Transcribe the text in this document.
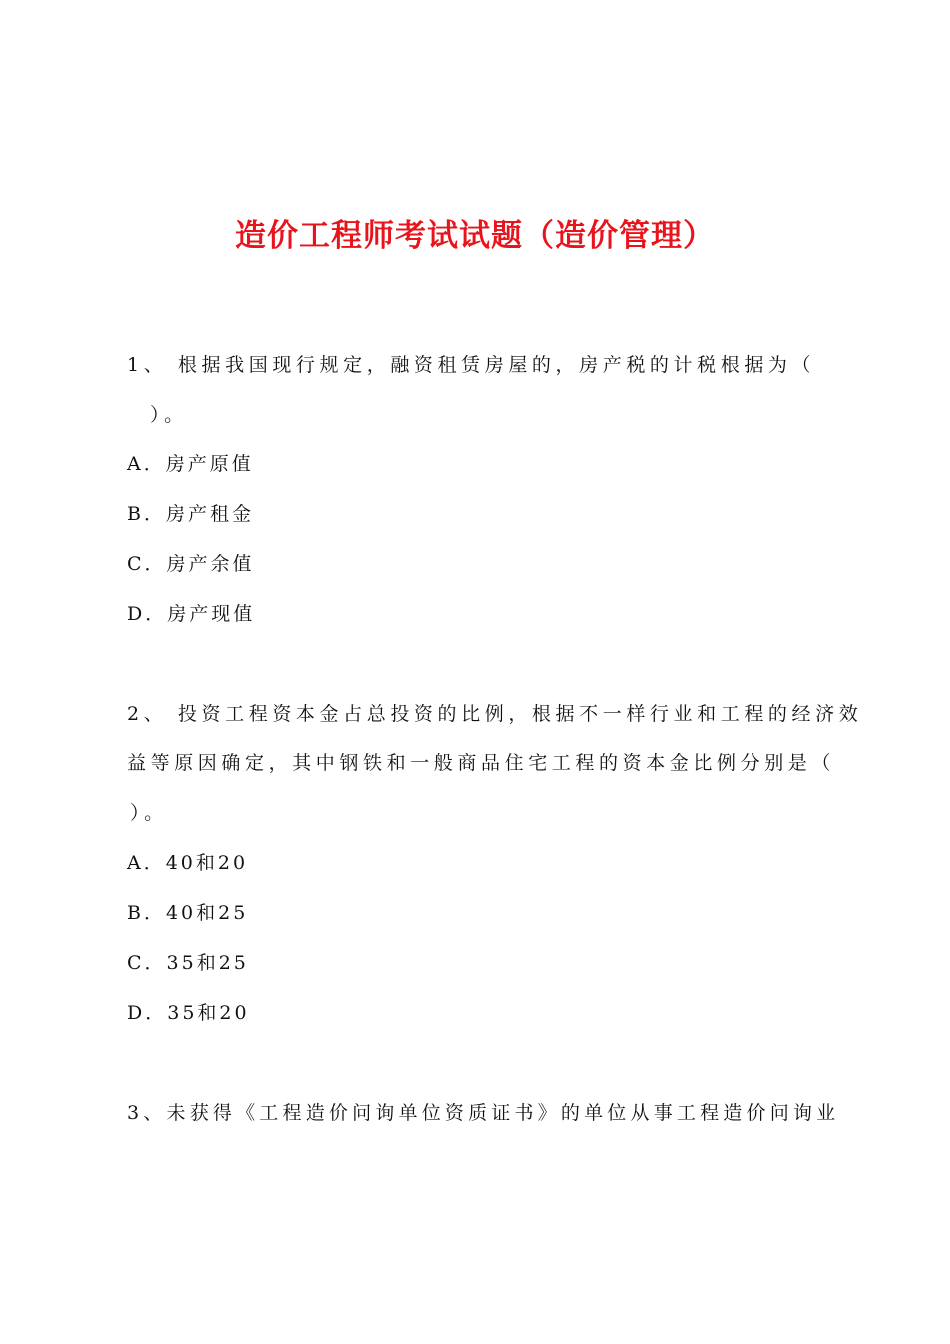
造价工程师考试试题（造价管理）
1、 根据我国现行规定，融资租赁房屋的，房产税的计税根据为（
）。
A．房产原值
B．房产租金
C．房产余值
D．房产现值
2、 投资工程资本金占总投资的比例，根据不一样行业和工程的经济效
益等原因确定，其中钢铁和一般商品住宅工程的资本金比例分别是（
）。
A．40和20
B．40和25
C．35和25
D．35和20
3、未获得《工程造价问询单位资质证书》的单位从事工程造价问询业
